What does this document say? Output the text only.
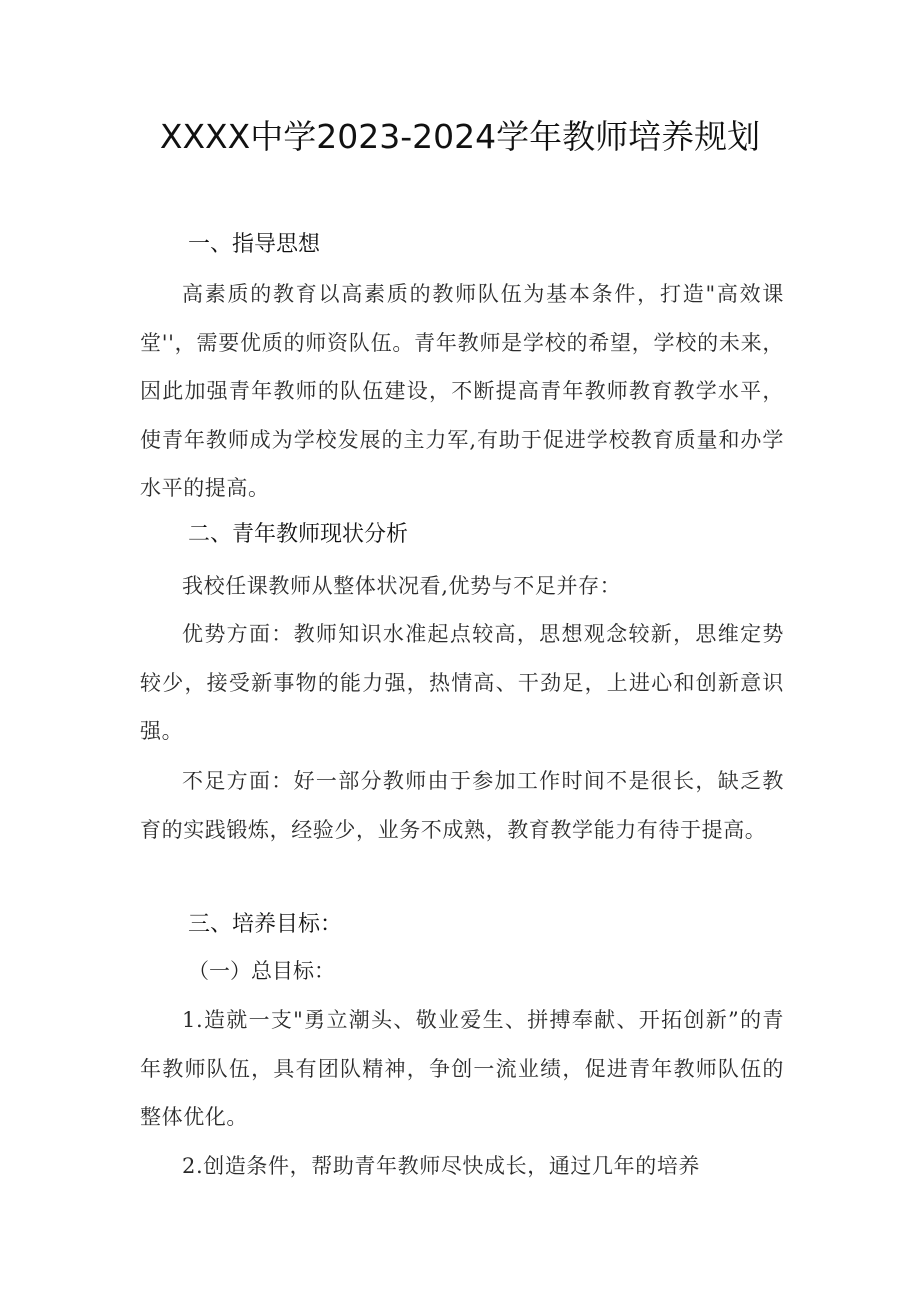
XXXX中学2023-2024学年教师培养规划
一、指导思想
高素质的教育以高素质的教师队伍为基本条件，打造"高效课堂''，需要优质的师资队伍。青年教师是学校的希望，学校的未来，因此加强青年教师的队伍建设，不断提高青年教师教育教学水平，使青年教师成为学校发展的主力军,有助于促进学校教育质量和办学水平的提高。
二、青年教师现状分析
我校任课教师从整体状况看,优势与不足并存：
优势方面：教师知识水准起点较高，思想观念较新，思维定势较少，接受新事物的能力强，热情高、干劲足，上进心和创新意识强。
不足方面：好一部分教师由于参加工作时间不是很长，缺乏教育的实践锻炼，经验少，业务不成熟，教育教学能力有待于提高。
三、培养目标：
（一）总目标：
1.造就一支"勇立潮头、敬业爱生、拼搏奉献、开拓创新”的青年教师队伍，具有团队精神，争创一流业绩，促进青年教师队伍的整体优化。
2.创造条件，帮助青年教师尽快成长，通过几年的培养
